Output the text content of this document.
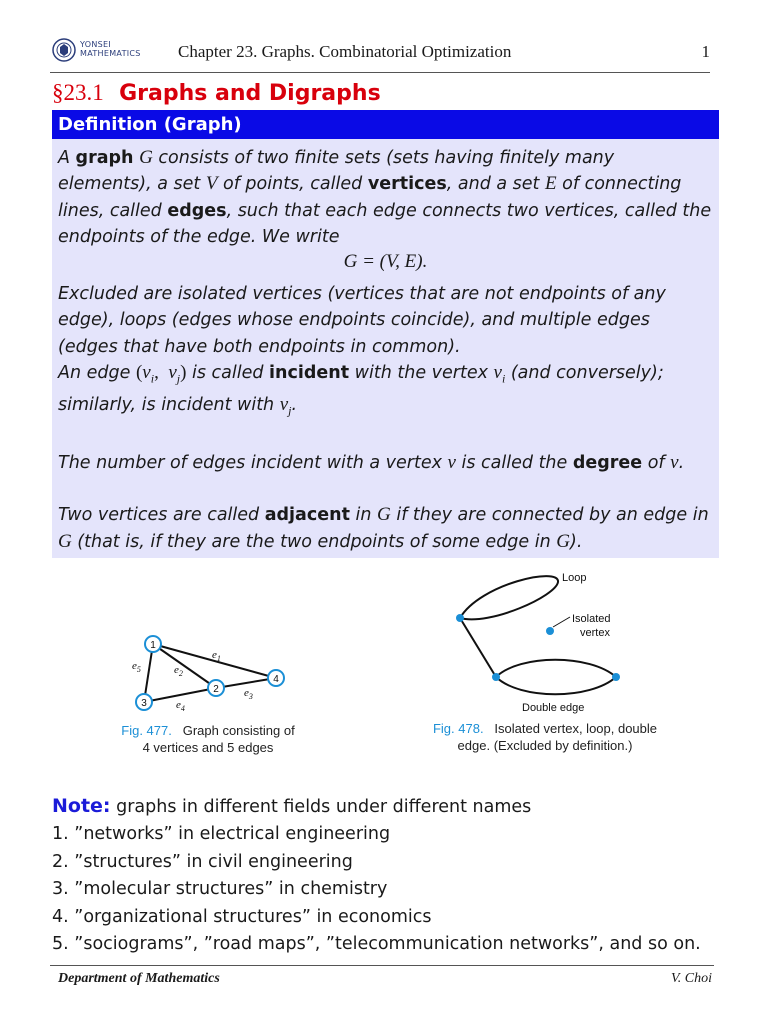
YONSEI
MATHEMATICS Chapter 23. Graphs. Combinatorial Optimization	1
§23.1 Graphs and Digraphs
Definition (Graph)

A graph G consists of two finite sets (sets having finitely many elements), a set V of points, called vertices, and a set E of connecting lines, called edges, such that each edge connects two vertices, called the endpoints of the edge. We write

G = (V, E).

Excluded are isolated vertices (vertices that are not endpoints of any edge), loops (edges whose endpoints coincide), and multiple edges (edges that have both endpoints in common).

An edge ($v_i$,  $v_j$) is called incident with the vertex $v_i$ (and conversely); similarly, is incident with $v_j$.

The number of edges incident with a vertex v is called the degree of v.

Two vertices are called adjacent in G if they are connected by an edge in G (that is, if they are the two endpoints of some edge in G).

$e_1$
$e_2$
$e_3$
$e_4$
$e_5$
1
2
3
4
Fig. 477. Graph consisting of
4 vertices and 5 edges
Loop
Isolated
vertex
Double edge
Fig. 478. Isolated vertex, loop, double
edge. (Excluded by definition.)
Note: graphs in different fields under different names
1. ”networks” in electrical engineering
2. ”structures” in civil engineering
3. ”molecular structures” in chemistry
4. ”organizational structures” in economics
5. ”sociograms”, ”road maps”, ”telecommunication networks”, and so on.
Department of Mathematics	V. Choi
